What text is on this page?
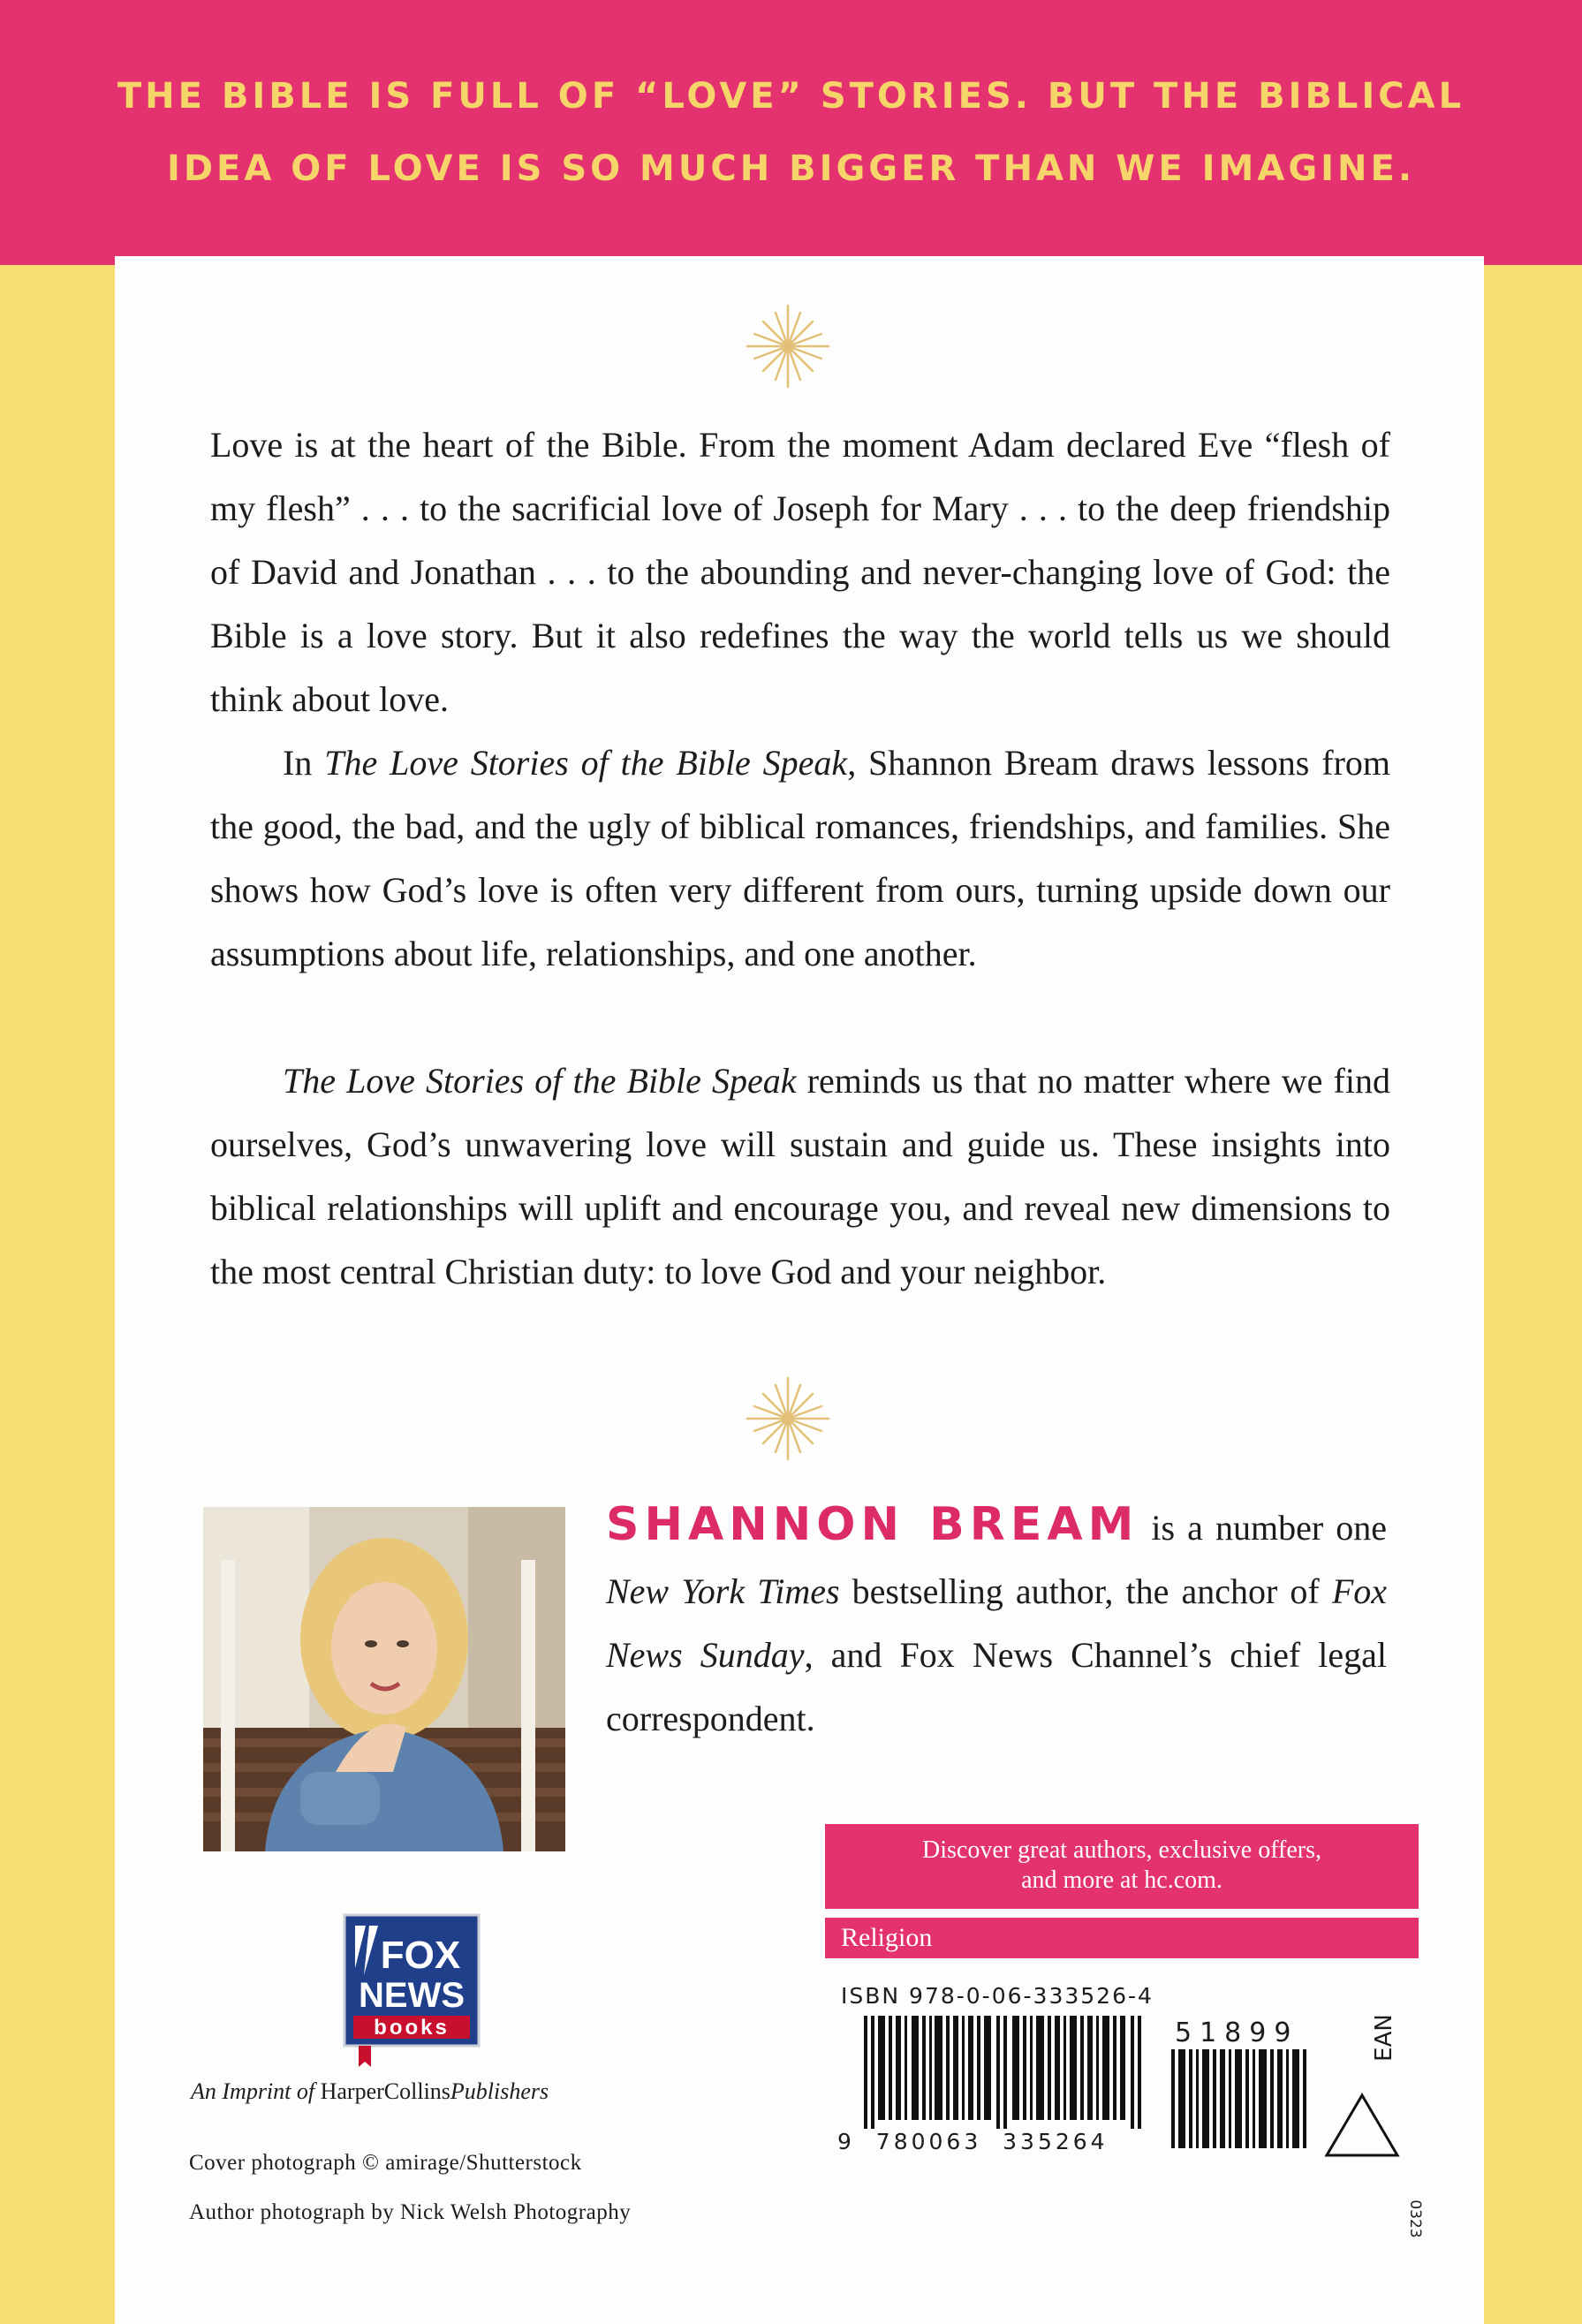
THE BIBLE IS FULL OF “LOVE” STORIES. BUT THE BIBLICAL
IDEA OF LOVE IS SO MUCH BIGGER THAN WE IMAGINE.

Love is at the heart of the Bible. From the moment Adam declared Eve “flesh of my flesh” . . . to the sacrificial love of Joseph for Mary . . . to the deep friendship of David and Jonathan . . . to the abounding and never-changing love of God: the Bible is a love story. But it also redefines the way the world tells us we should think about love.

In The Love Stories of the Bible Speak, Shannon Bream draws lessons from the good, the bad, and the ugly of biblical romances, friendships, and families. She shows how God’s love is often very different from ours, turning upside down our assumptions about life, relationships, and one another.

The Love Stories of the Bible Speak reminds us that no matter where we find ourselves, God’s unwavering love will sustain and guide us. These insights into biblical relationships will uplift and encourage you, and reveal new dimensions to the most central Christian duty: to love God and your neighbor.

SHANNON BREAM is a number one New York Times bestselling author, the anchor of Fox News Sunday, and Fox News Channel’s chief legal correspondent.

Discover great authors, exclusive offers,
and more at hc.com.
Religion
ISBN 978-0-06-333526-4
51899
9  780063  335264
EAN
0323
FOX
NEWS
books
An Imprint of HarperCollinsPublishers
Cover photograph © amirage/Shutterstock
Author photograph by Nick Welsh Photography
